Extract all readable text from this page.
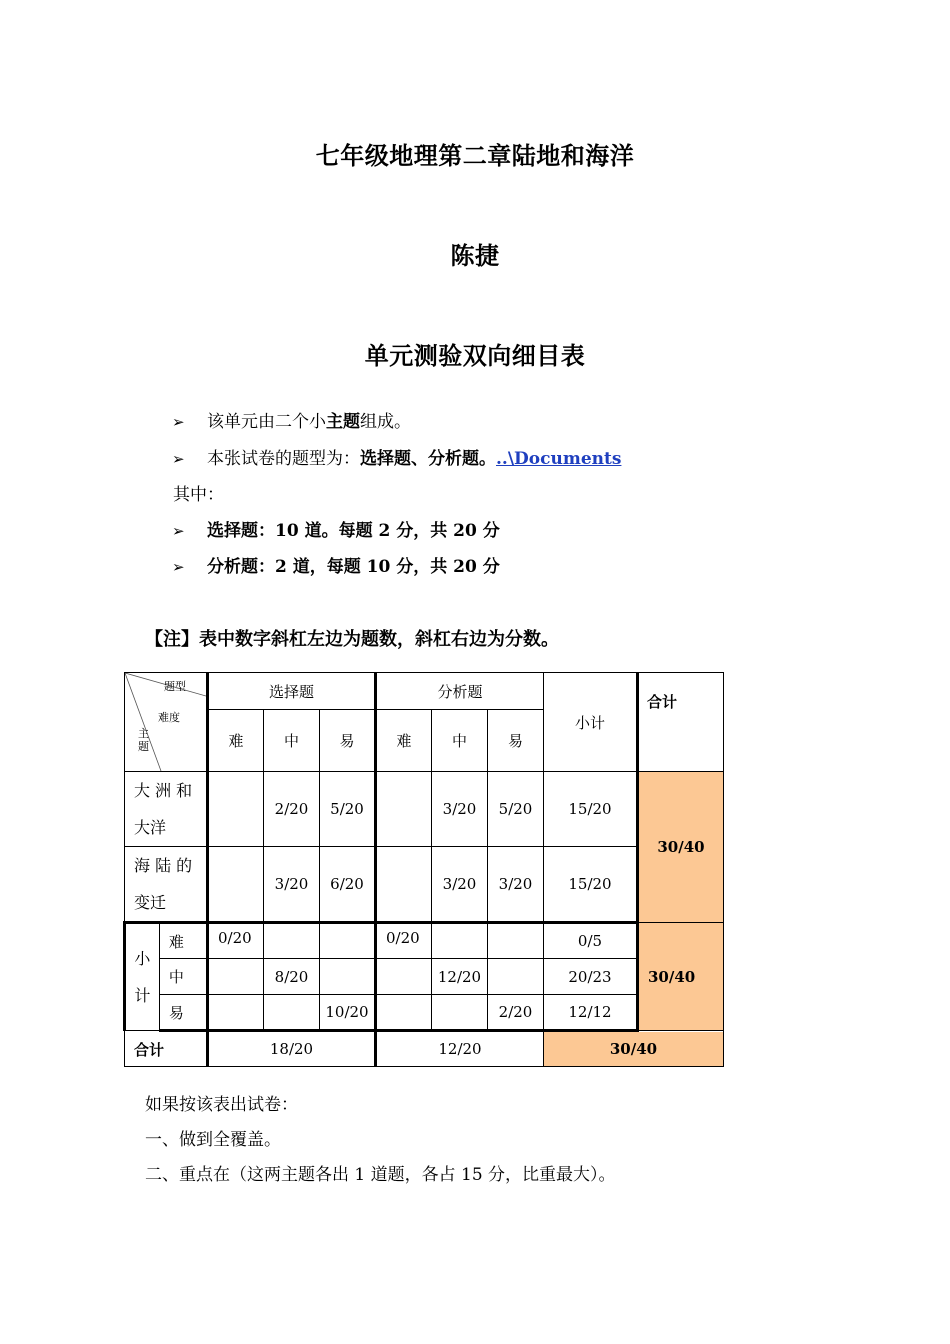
七年级地理第二章陆地和海洋
陈捷
单元测验双向细目表
➢ 该单元由二个小主题组成。
➢ 本张试卷的题型为：选择题、分析题。..\Documents
其中：
➢ 选择题：10 道。每题 2 分，共 20 分
➢ 分析题：2 道，每题 10 分，共 20 分
【注】表中数字斜杠左边为题数，斜杠右边为分数。
题型
难度
主
题		选择题			分析题			小计	合计
		难	中	易	难	中	易		

大 洲 和
大洋			2/20	5/20		3/20	5/20	15/20	30/40

海 陆 的
变迁			3/20	6/20		3/20	3/20	15/20	

小
计	难	0/20			0/20			0/5	30/40
	中		8/20			12/20		20/23	
	易			10/20			2/20	12/12	
合计		18/20			12/20			30/40	
如果按该表出试卷：
一、做到全覆盖。
二、重点在（这两主题各出 1 道题，各占 15 分，比重最大）。
